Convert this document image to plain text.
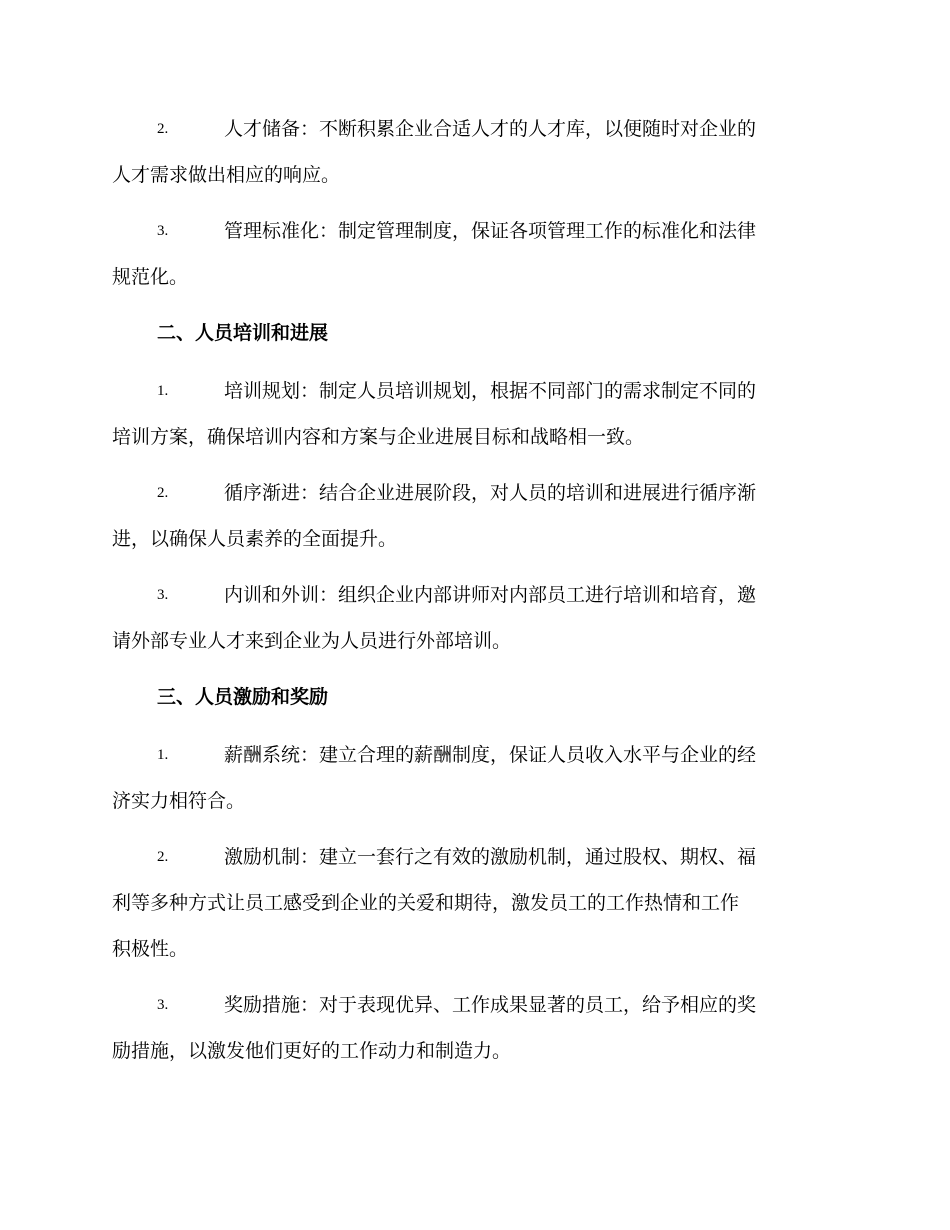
2.	人才储备：不断积累企业合适人才的人才库，以便随时对企业的
人才需求做出相应的响应。
3.	管理标准化：制定管理制度，保证各项管理工作的标准化和法律
规范化。
二、人员培训和进展
1.	培训规划：制定人员培训规划，根据不同部门的需求制定不同的
培训方案，确保培训内容和方案与企业进展目标和战略相一致。
2.	循序渐进：结合企业进展阶段，对人员的培训和进展进行循序渐
进，以确保人员素养的全面提升。
3.	内训和外训：组织企业内部讲师对内部员工进行培训和培育，邀
请外部专业人才来到企业为人员进行外部培训。
三、人员激励和奖励
1.	薪酬系统：建立合理的薪酬制度，保证人员收入水平与企业的经
济实力相符合。
2.	激励机制：建立一套行之有效的激励机制，通过股权、期权、福
利等多种方式让员工感受到企业的关爱和期待，激发员工的工作热情和工作
积极性。
3.	奖励措施：对于表现优异、工作成果显著的员工，给予相应的奖
励措施，以激发他们更好的工作动力和制造力。
